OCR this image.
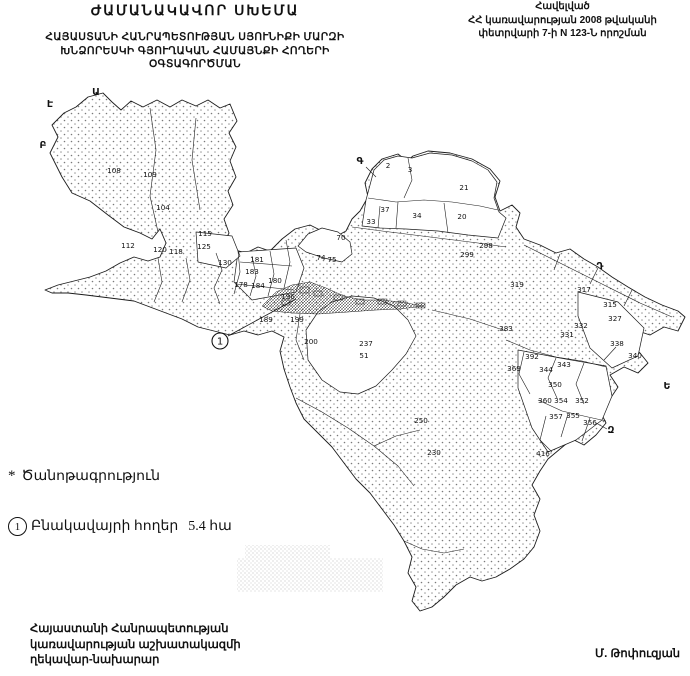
108	109
104
112
115
125
130
120 118
181
183
178 184
180
196
189 199
200	237
51
74 75
70
2 3
33
34
37
20
21
299
298
319
317
315
327
331
332
338
340
383
392
369	343
344
350
360 354 352
357 355
356
416
230
250
Ա
Է
Բ
Գ
Դ
Ե
Զ
1
ԺԱՄԱՆԱԿԱՎՈՐ ՍԽԵՄԱ
ՀԱՅԱՍՏԱՆԻ ՀԱՆՐԱՊԵՏՈՒԹՅԱՆ ՍՅՈՒՆԻՔԻ ՄԱՐԶԻ
ԽՆՁՈՐԵՍԿԻ ԳՅՈՒՂԱԿԱՆ ՀԱՄԱՅՆՔԻ ՀՈՂԵՐԻ
ՕԳՏԱԳՈՐԾՄԱՆ
Հավելված
ՀՀ կառավարության 2008 թվականի
փետրվարի 7-ի N 123-Ն որոշման
* Ծանոթագրություն
1 Բնակավայրի հողեր 5.4 հա
Հայաստանի Հանրապետության
կառավարության աշխատակազմի
ղեկավար-նախարար	Մ. Թոփուզյան
